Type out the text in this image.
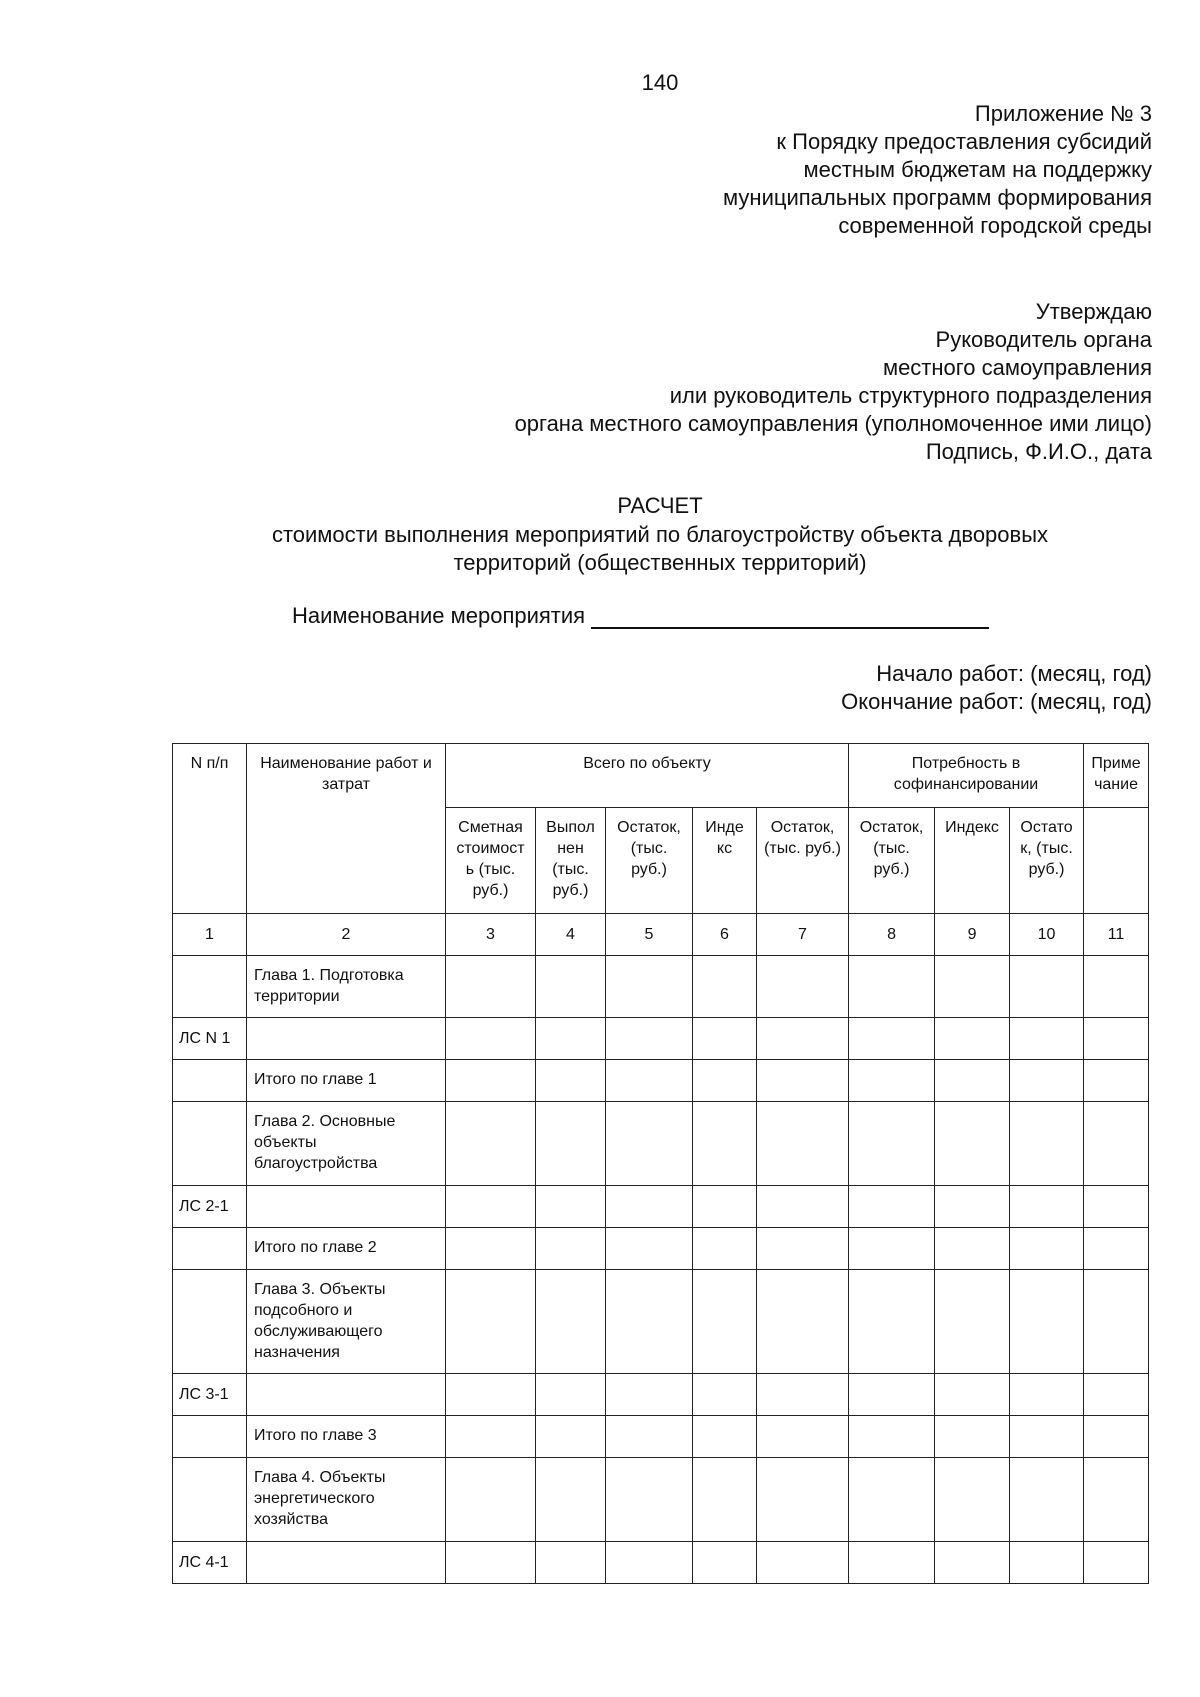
140
Приложение № 3
к Порядку предоставления субсидий
местным бюджетам на поддержку
муниципальных программ формирования
современной городской среды
Утверждаю
Руководитель органа
местного самоуправления
или руководитель структурного подразделения
органа местного самоуправления (уполномоченное ими лицо)
Подпись, Ф.И.О., дата
РАСЧЕТ
стоимости выполнения мероприятий по благоустройству объекта дворовых территорий (общественных территорий)
Наименование мероприятия
Начало работ: (месяц, год)
Окончание работ: (месяц, год)
N п/п	Наименование работ и затрат	Всего по объекту					Потребность в софинансировании			Приме чание
		Сметная стоимост ь (тыс. руб.)	Выпол нен (тыс. руб.)	Остаток, (тыс. руб.)	Инде кс	Остаток, (тыс. руб.)	Остаток, (тыс. руб.)	Индекс	Остато к, (тыс. руб.)	
1	2	3	4	5	6	7	8	9	10	11
	Глава 1. Подготовка территории									
ЛС N 1										
	Итого по главе 1									
	Глава 2. Основные объекты благоустройства									
ЛС 2-1										
	Итого по главе 2									
	Глава 3. Объекты подсобного и обслуживающего назначения									
ЛС 3-1										
	Итого по главе 3									
	Глава 4. Объекты энергетического хозяйства									
ЛС 4-1										
